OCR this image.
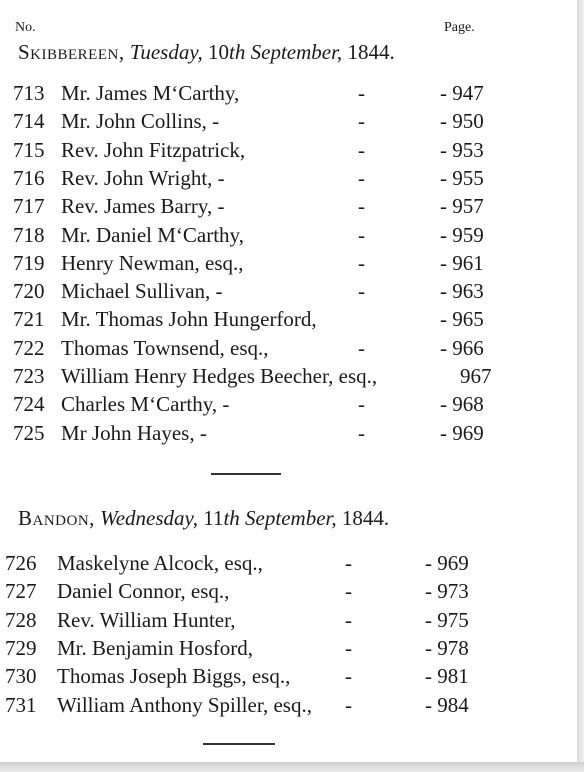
No.	Page.
Skibbereen, Tuesday, 10th September, 1844.
713 Mr. James M‘Carthy,	-	- 947
714 Mr. John Collins, -	-	- 950
715 Rev. John Fitzpatrick,	-	- 953
716 Rev. John Wright, -	-	- 955
717 Rev. James Barry, -	-	- 957
718 Mr. Daniel M‘Carthy,	-	- 959
719 Henry Newman, esq.,	-	- 961
720 Michael Sullivan, -	-	- 963
721 Mr. Thomas John Hungerford,	- 965
722 Thomas Townsend, esq.,	-	- 966
723 William Henry Hedges Beecher, esq.,	967
724 Charles M‘Carthy, -	-	- 968
725 Mr John Hayes, -	-	- 969
Bandon, Wednesday, 11th September, 1844.
726 Maskelyne Alcock, esq.,	-	- 969
727 Daniel Connor, esq.,	-	- 973
728 Rev. William Hunter,	-	- 975
729 Mr. Benjamin Hosford,	-	- 978
730 Thomas Joseph Biggs, esq.,	-	- 981
731 William Anthony Spiller, esq., -	- 984
